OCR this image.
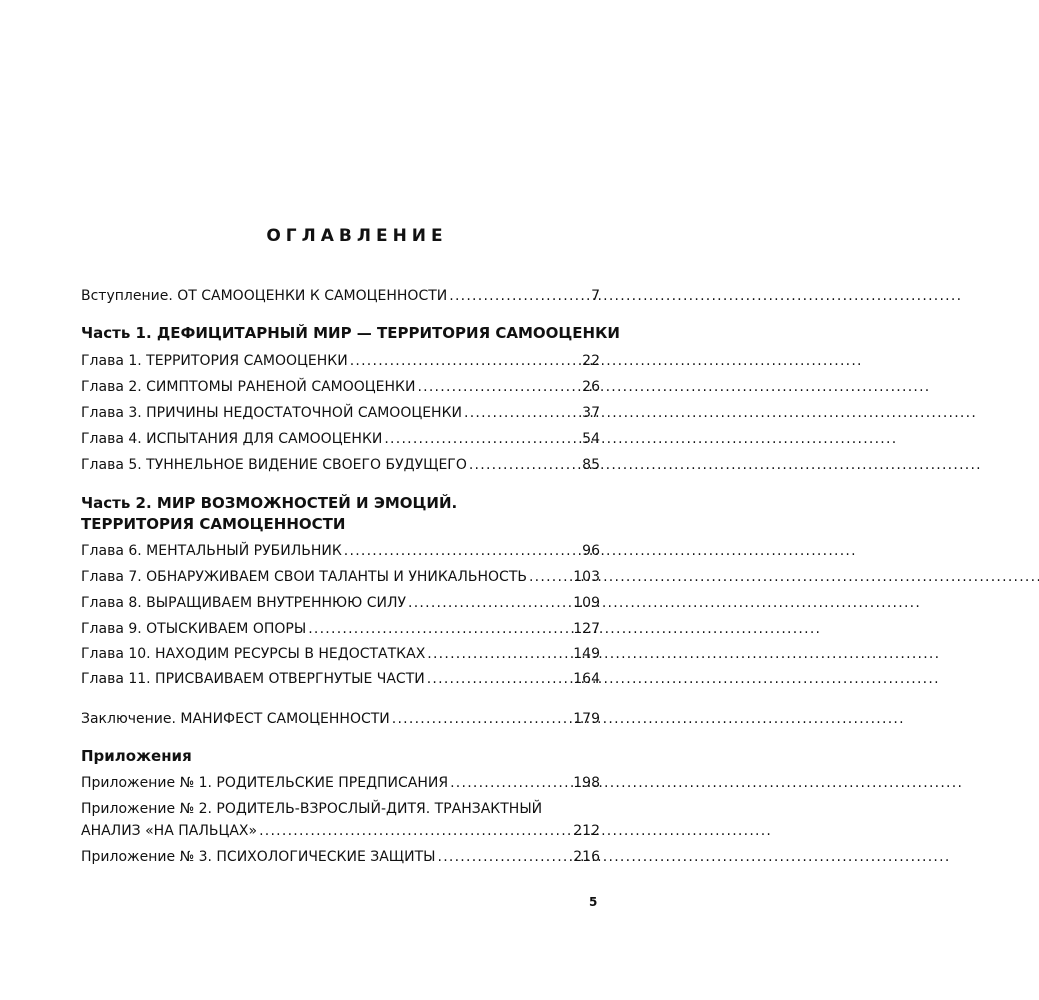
ОГЛАВЛЕНИЕ
Вступление. ОТ САМООЦЕНКИ К САМОЦЕННОСТИ . . .	7
Часть 1. ДЕФИЦИТАРНЫЙ МИР — ТЕРРИТОРИЯ САМООЦЕНКИ
Глава 1. ТЕРРИТОРИЯ САМООЦЕНКИ . . .	22
Глава 2. СИМПТОМЫ РАНЕНОЙ САМООЦЕНКИ . . .	26
Глава 3. ПРИЧИНЫ НЕДОСТАТОЧНОЙ САМООЦЕНКИ . . .	37
Глава 4. ИСПЫТАНИЯ ДЛЯ САМООЦЕНКИ . . .	54
Глава 5. ТУННЕЛЬНОЕ ВИДЕНИЕ СВОЕГО БУДУЩЕГО . . .	85
Часть 2. МИР ВОЗМОЖНОСТЕЙ И ЭМОЦИЙ.
ТЕРРИТОРИЯ САМОЦЕННОСТИ
Глава 6. МЕНТАЛЬНЫЙ РУБИЛЬНИК . . .	96
Глава 7. ОБНАРУЖИВАЕМ СВОИ ТАЛАНТЫ И УНИКАЛЬНОСТЬ . . .	103
Глава 8. ВЫРАЩИВАЕМ ВНУТРЕННЮЮ СИЛУ . . .	109
Глава 9. ОТЫСКИВАЕМ ОПОРЫ . . .	127
Глава 10. НАХОДИМ РЕСУРСЫ В НЕДОСТАТКАХ . . .	149
Глава 11. ПРИСВАИВАЕМ ОТВЕРГНУТЫЕ ЧАСТИ . . .	164
Заключение. МАНИФЕСТ САМОЦЕННОСТИ . . .	179
Приложения
Приложение № 1. РОДИТЕЛЬСКИЕ ПРЕДПИСАНИЯ . . .	198
Приложение № 2. РОДИТЕЛЬ-ВЗРОСЛЫЙ-ДИТЯ. ТРАНЗАКТНЫЙ
АНАЛИЗ «НА ПАЛЬЦАХ» . . .	212
Приложение № 3. ПСИХОЛОГИЧЕСКИЕ ЗАЩИТЫ . . .	216
5
